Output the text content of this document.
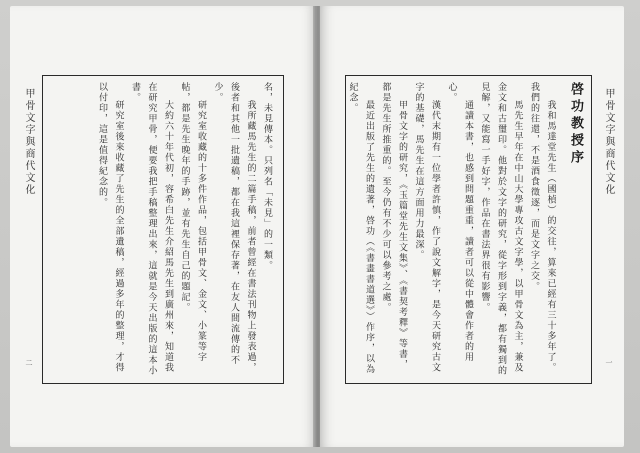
甲骨文字與商代文化	名，未見傳本。只列名「未見」的一類。

我所藏馬先生的二篇手稿，前者曾經在書法刊物上發表過，後者和其他一批遺稿，都在我這裡保存著，在友人間流傳的不少。

研究室收藏的十多件作品，包括甲骨文、金文、小篆等字帖，都是先生晚年的手跡，並有先生自己的題記。

大約六十年代初，容希白先生介紹馬先生到廣州來，知道我在研究甲骨，便要我把手稿整理出來，這就是今天出版的這本小書。

研究室後來收藏了先生的全部遺稿，經過多年的整理，才得以付印，這是值得紀念的。

二

啓功教授序

我和馬達堂先生（國楨）的交往，算來已經有三十多年了。我們的往還，不是酒食徵逐，而是文字之交。

馬先生早年在中山大學專攻古文字學，以甲骨文為主，兼及金文和古璽印。他對於文字的研究，從字形到字義，都有獨到的見解，又能寫一手好字，作品在書法界很有影響。

通讀本書，也感到問題重重，讀者可以從中體會作者的用心。

漢代末期有一位學者許慎，作了說文解字，是今天研究古文字的基礎，馬先生在這方面用力最深。

甲骨文字的研究，《玉篇堂先生文集》、《書契考釋》等書，都是先生所推重的。至今仍有不少可以參考之處。

最近出版了先生的遺著，啓功（《書畫書道選》）作序，以為紀念。	甲骨文字與商代文化
一
